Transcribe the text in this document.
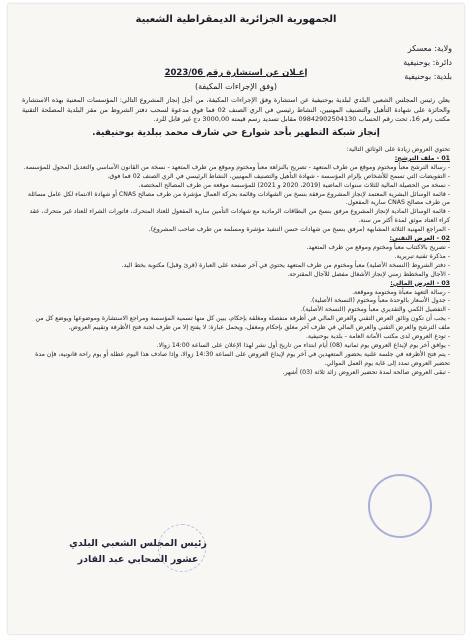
الجمهورية الجزائرية الديمقراطية الشعبية
ولاية: معسكر
دائرة: بوحنيفية
بلدية: بوحنيفية
إعـلان عن استشارة رقم 2023/06
(وفق الإجراءات المكيفة)
يعلن رئيس المجلس الشعبي البلدي لبلدية بوحنيفية عن استشارة وفق الإجراءات المكيفة، من أجل إنجاز المشروع التالي: المؤسسات المعنية بهذه الاستشارة والحائزة على شهادة التأهيل والتصنيف المهنيين، النشاط رئيسي في الري الصنف 02 فما فوق مدعوة لسحب دفتر الشروط من مقر البلدية المصلحة التقنية مكتب رقم 16، تحت رقم الحساب 09842902504130 مقابل تسديد رسم قيمته 3000,00 دج غير قابل للرد.
إنجاز شبكة التطهير بأحد شوارع حي شارف محمد ببلدية بوحنيفية.

تحتوي العروض زيادة على الوثائق التالية:

01 - ملف الترشح:

- رسالة الترشح معبأ ومختوم وموقع من طرف المتعهد - تصريح بالنزاهة معبأ ومختوم وموقع من طرف المتعهد - نسخة من القانون الأساسي والتعديل المحول للمؤسسة.

- التفويضات التي تسمح للأشخاص بإلزام المؤسسة - شهادة التأهيل والتصنيف المهنيين، النشاط الرئيسي في الري الصنف 02 فما فوق.

- نسخة من الحصيلة المالية للثلاث سنوات الماضية (2019، 2020 و 2021) للمؤسسة موقعة من طرف المصالح المختصة.

- قائمة الوسائل البشرية المعتمد لإنجاز المشروع مرفقة بنسخ من الشهادات وقائمة بحركة العمال مؤشرة من طرف مصالح CNAS أو شهادة الانتماء لكل عامل مسائلة من طرف مصالح CNAS سارية المفعول.

- قائمة الوسائل المادية لإنجاز المشروع مرفق بنسخ من البطاقات الرمادية مع شهادات التأمين سارية المفعول للعتاد المتحرك، فاتورات الشراء للعتاد غير متحرك، عقد كراء العتاد موثق لمدة أكثر من سنة.

- المراجع المهنية الثلاثة المشابهة (مرفق بنسخ من شهادات حسن التنفيذ مؤشرة ومسلمة من طرف صاحب المشروع).

02 - العرض التقني:

- تصريح بالاكتتاب معبأ ومختوم وموقع من طرف المتعهد.

- مذكرة تقنية تبريرية.

- دفتر الشروط (النسخة الأصلية) معبأ ومختوم من طرف المتعهد يحتوي في آخر صفحة على العبارة (قرئ وقبل) مكتوبة بخط اليد.

- الآجال والمخطط زمني لإنجاز الأشغال مفصل للآجال المقترحة.

03 - العرض المالي:

- رسالة التعهد معبأة ومختومة وموقعة.

- جدول الأسعار بالوحدة معبأ ومختوم (النسخة الأصلية).

- التفصيل الكمي والتقديري معبأ ومختوم (النسخة الأصلية).

- يجب أن تكون وثائق العرض التقني والعرض المالي في أظرفة منفصلة ومغلقة بإحكام، يبين كل منها تسمية المؤسسة ومراجع الاستشارة وموضوعها ويوضع كل من ملف الترشح والعرض التقني والعرض المالي في ظرف آخر مغلق بإحكام ومغفل، ويحمل عبارة: لا يفتح إلا من طرف لجنة فتح الأظرفة وتقييم العروض.

- تودع العروض لدى مكتب الأمانة العامة - بلدية بوحنيفية.

- يوافق آخر يوم لإيداع العروض يوم ثمانية (08) أيام ابتداء من تاريخ أول نشر لهذا الإعلان على الساعة 14:00 زوالا.

- يتم فتح الأظرفة في جلسة علنية بحضور المتعهدين في آخر يوم لإيداع العروض على الساعة 14:30 زوالا، وإذا صادف هذا اليوم عطلة أو يوم راحة قانونية، فإن مدة تحضير العروض تمدد إلى غاية يوم العمل الموالي.

- تبقى العروض صالحة لمدة تحضير العروض زائد ثلاثة (03) أشهر.

رئيس المجلس الشعبي البلدي
عشور الصحابي عبد القادر
